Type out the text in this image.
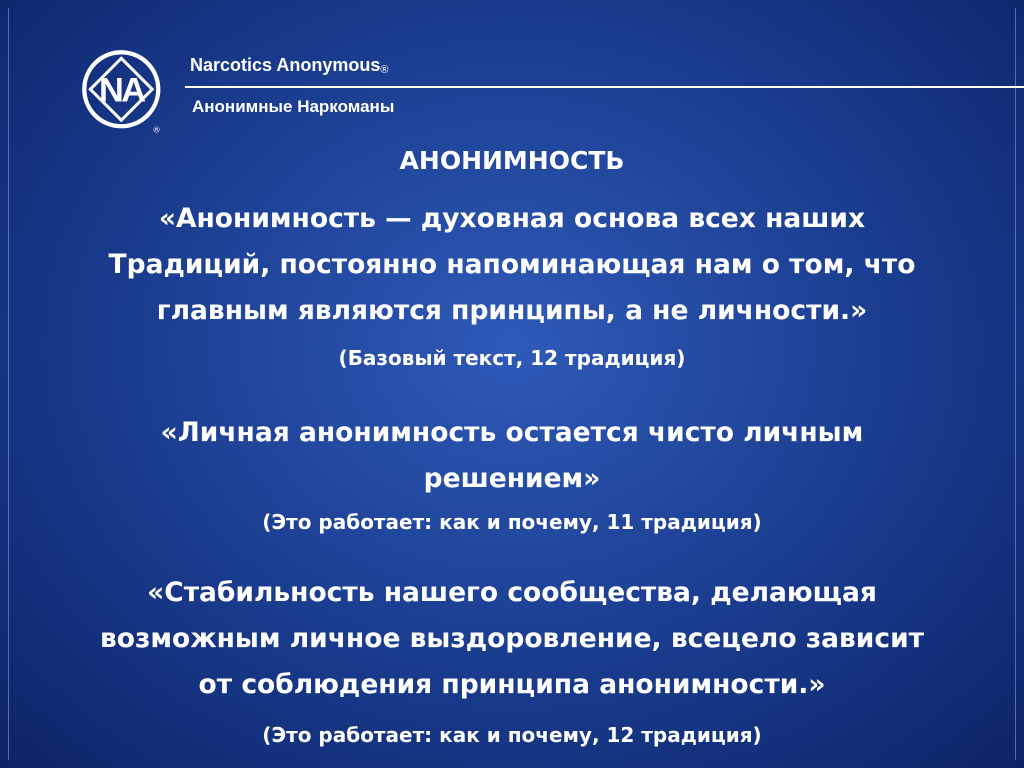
NA
®
Narcotics Anonymous®
Анонимные Наркоманы
АНОНИМНОСТЬ
«Анонимность — духовная основа всех наших
Традиций, постоянно напоминающая нам о том, что
главным являются принципы, а не личности.»
(Базовый текст, 12 традиция)
«Личная анонимность остается чисто личным
решением»
(Это работает: как и почему, 11 традиция)
«Стабильность нашего сообщества, делающая
возможным личное выздоровление, всецело зависит
от соблюдения принципа анонимности.»
(Это работает: как и почему, 12 традиция)
